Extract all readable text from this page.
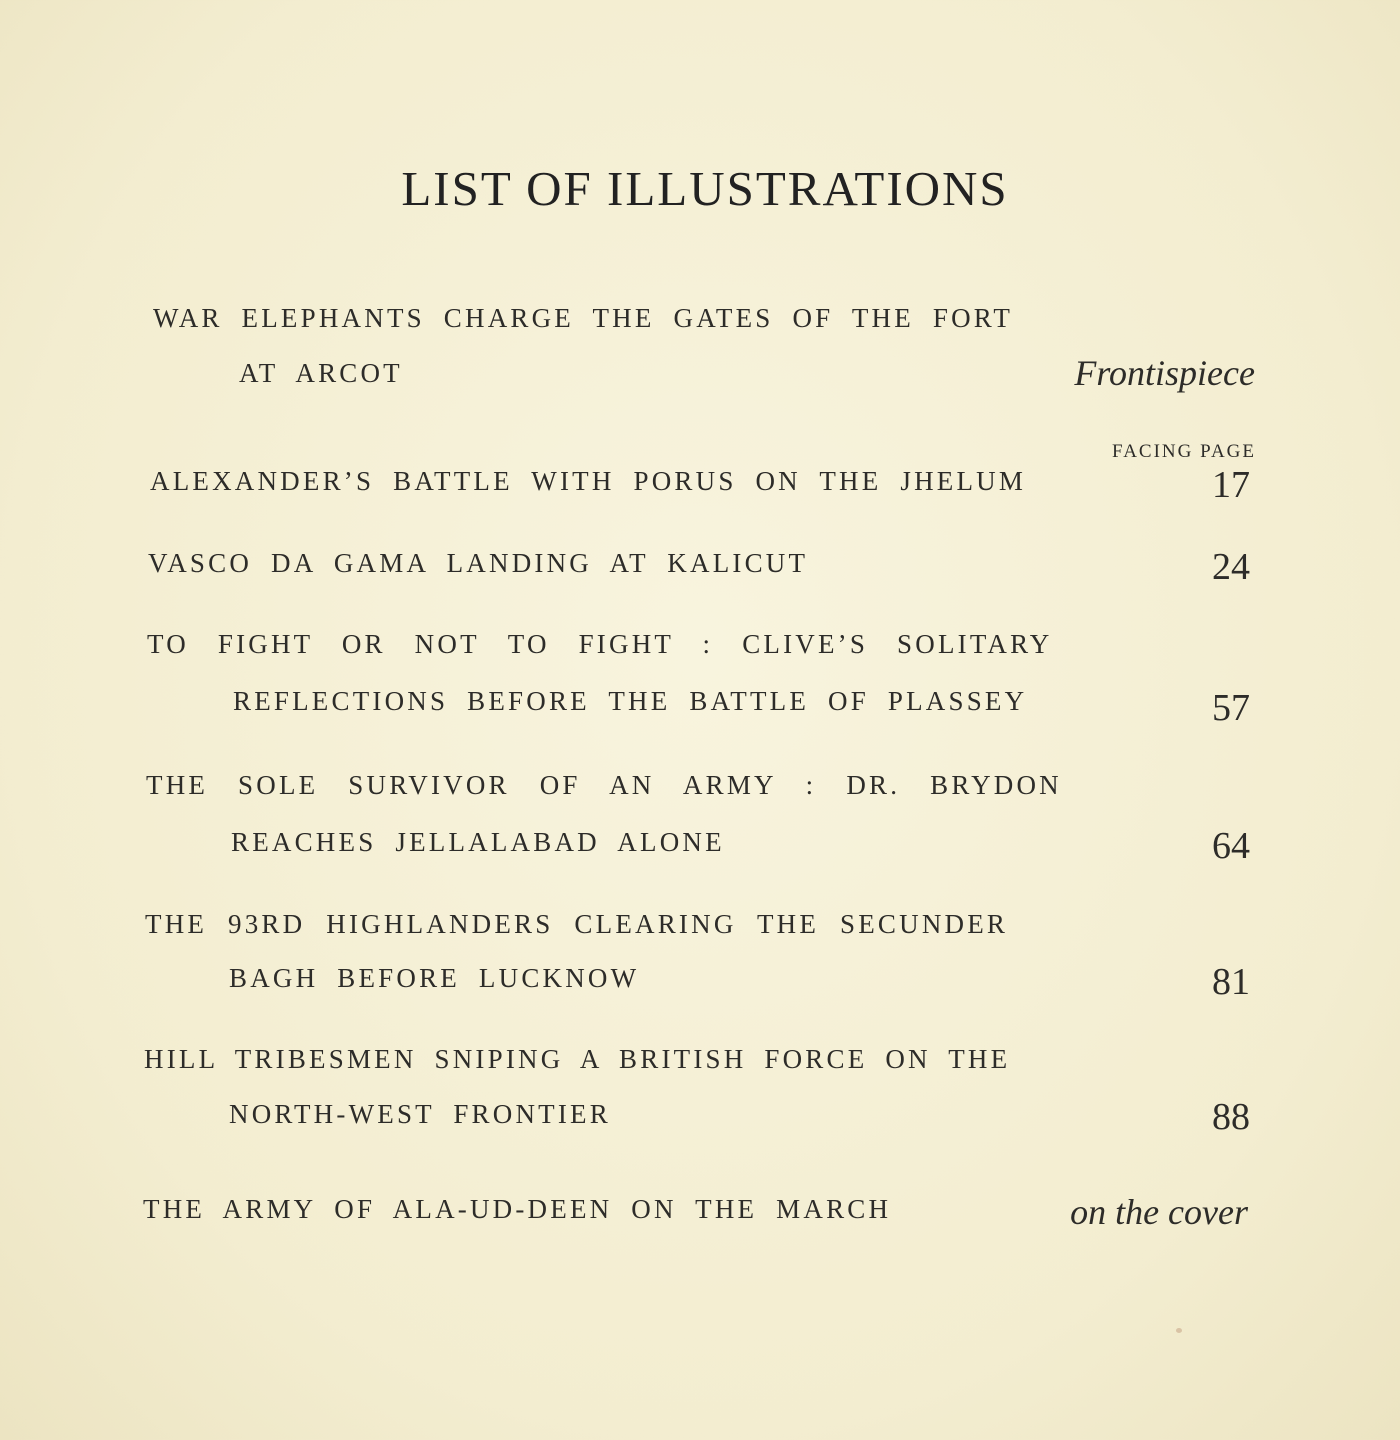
LIST OF ILLUSTRATIONS

WAR ELEPHANTS CHARGE THE GATES OF THE FORT

AT ARCOT	Frontispiece
FACING PAGE

ALEXANDER’S BATTLE WITH PORUS ON THE JHELUM	17

VASCO DA GAMA LANDING AT KALICUT	24

TO FIGHT OR NOT TO FIGHT : CLIVE’S SOLITARY

REFLECTIONS BEFORE THE BATTLE OF PLASSEY	57

THE SOLE SURVIVOR OF AN ARMY : DR. BRYDON

REACHES JELLALABAD ALONE	64

THE 93RD HIGHLANDERS CLEARING THE SECUNDER

BAGH BEFORE LUCKNOW	81

HILL TRIBESMEN SNIPING A BRITISH FORCE ON THE

NORTH-WEST FRONTIER	88

THE ARMY OF ALA-UD-DEEN ON THE MARCH	on the cover
